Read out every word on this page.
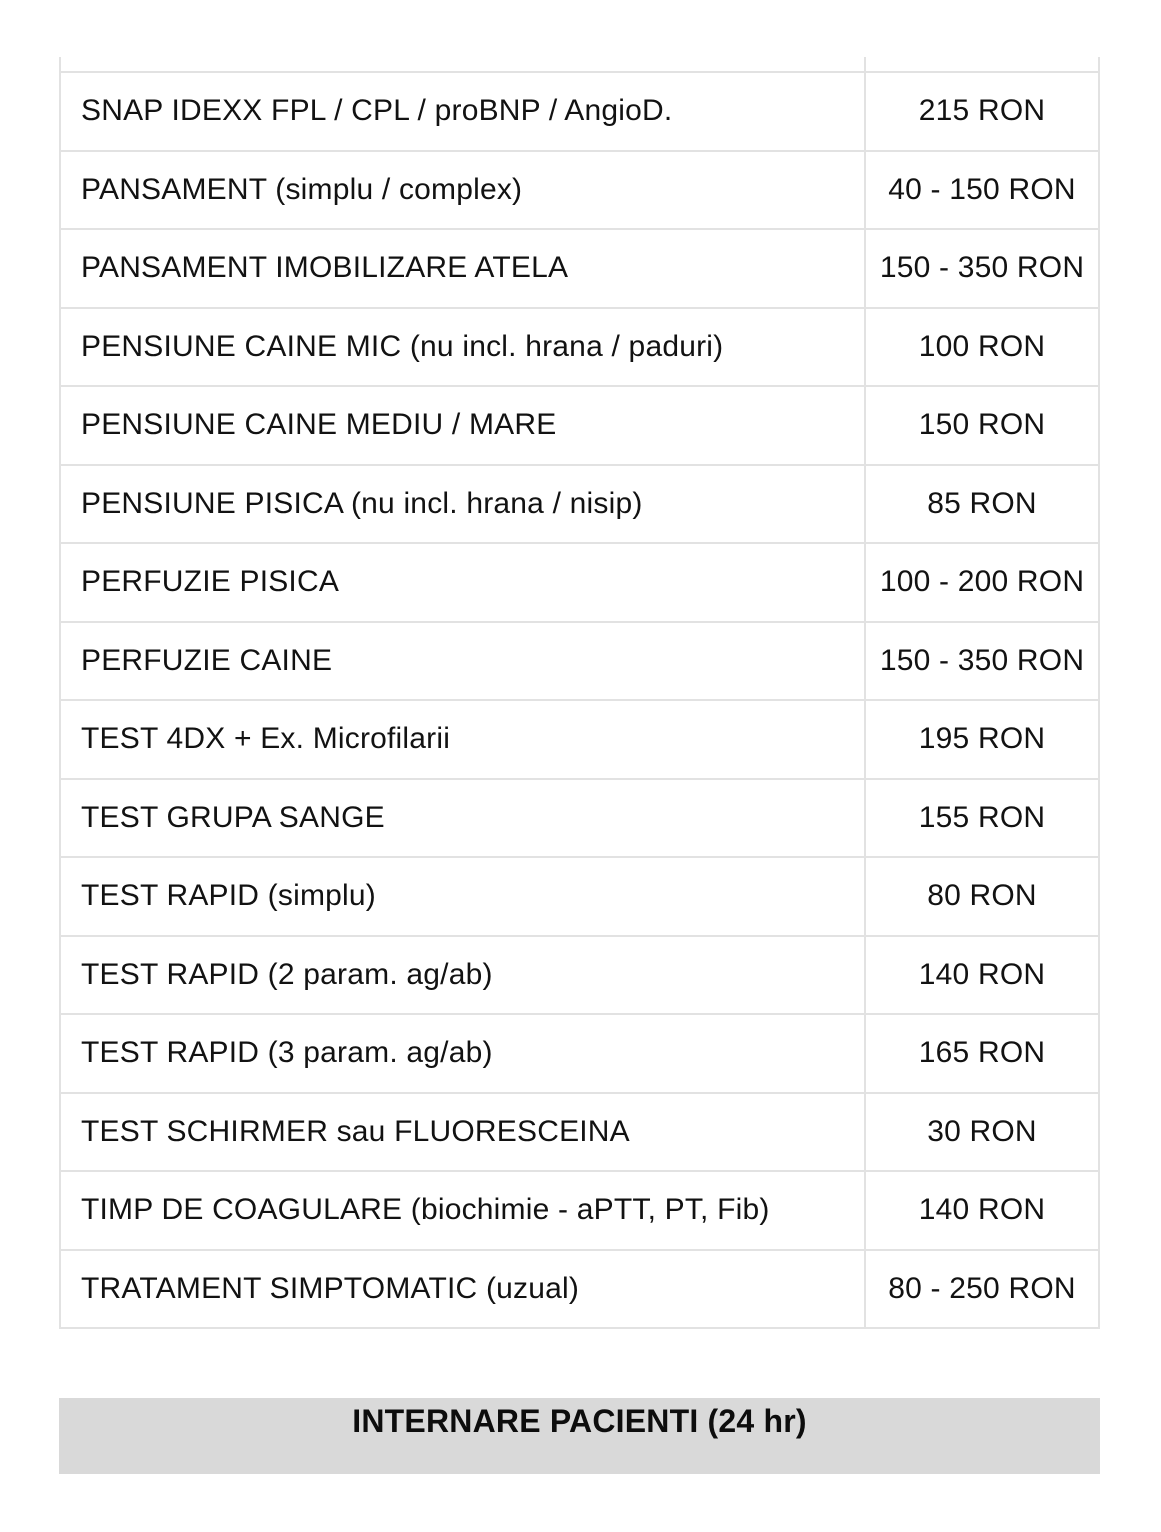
SNAP IDEXX FPL / CPL / proBNP / AngioD.	215 RON
PANSAMENT (simplu / complex)	40 - 150 RON
PANSAMENT IMOBILIZARE ATELA	150 - 350 RON
PENSIUNE CAINE MIC (nu incl. hrana / paduri)	100 RON
PENSIUNE CAINE MEDIU / MARE	150 RON
PENSIUNE PISICA (nu incl. hrana / nisip)	85 RON
PERFUZIE PISICA	100 - 200 RON
PERFUZIE CAINE	150 - 350 RON
TEST 4DX + Ex. Microfilarii	195 RON
TEST GRUPA SANGE	155 RON
TEST RAPID (simplu)	80 RON
TEST RAPID (2 param. ag/ab)	140 RON
TEST RAPID (3 param. ag/ab)	165 RON
TEST SCHIRMER sau FLUORESCEINA	30 RON
TIMP DE COAGULARE (biochimie - aPTT, PT, Fib)	140 RON
TRATAMENT SIMPTOMATIC (uzual)	80 - 250 RON
INTERNARE PACIENTI (24 hr)
